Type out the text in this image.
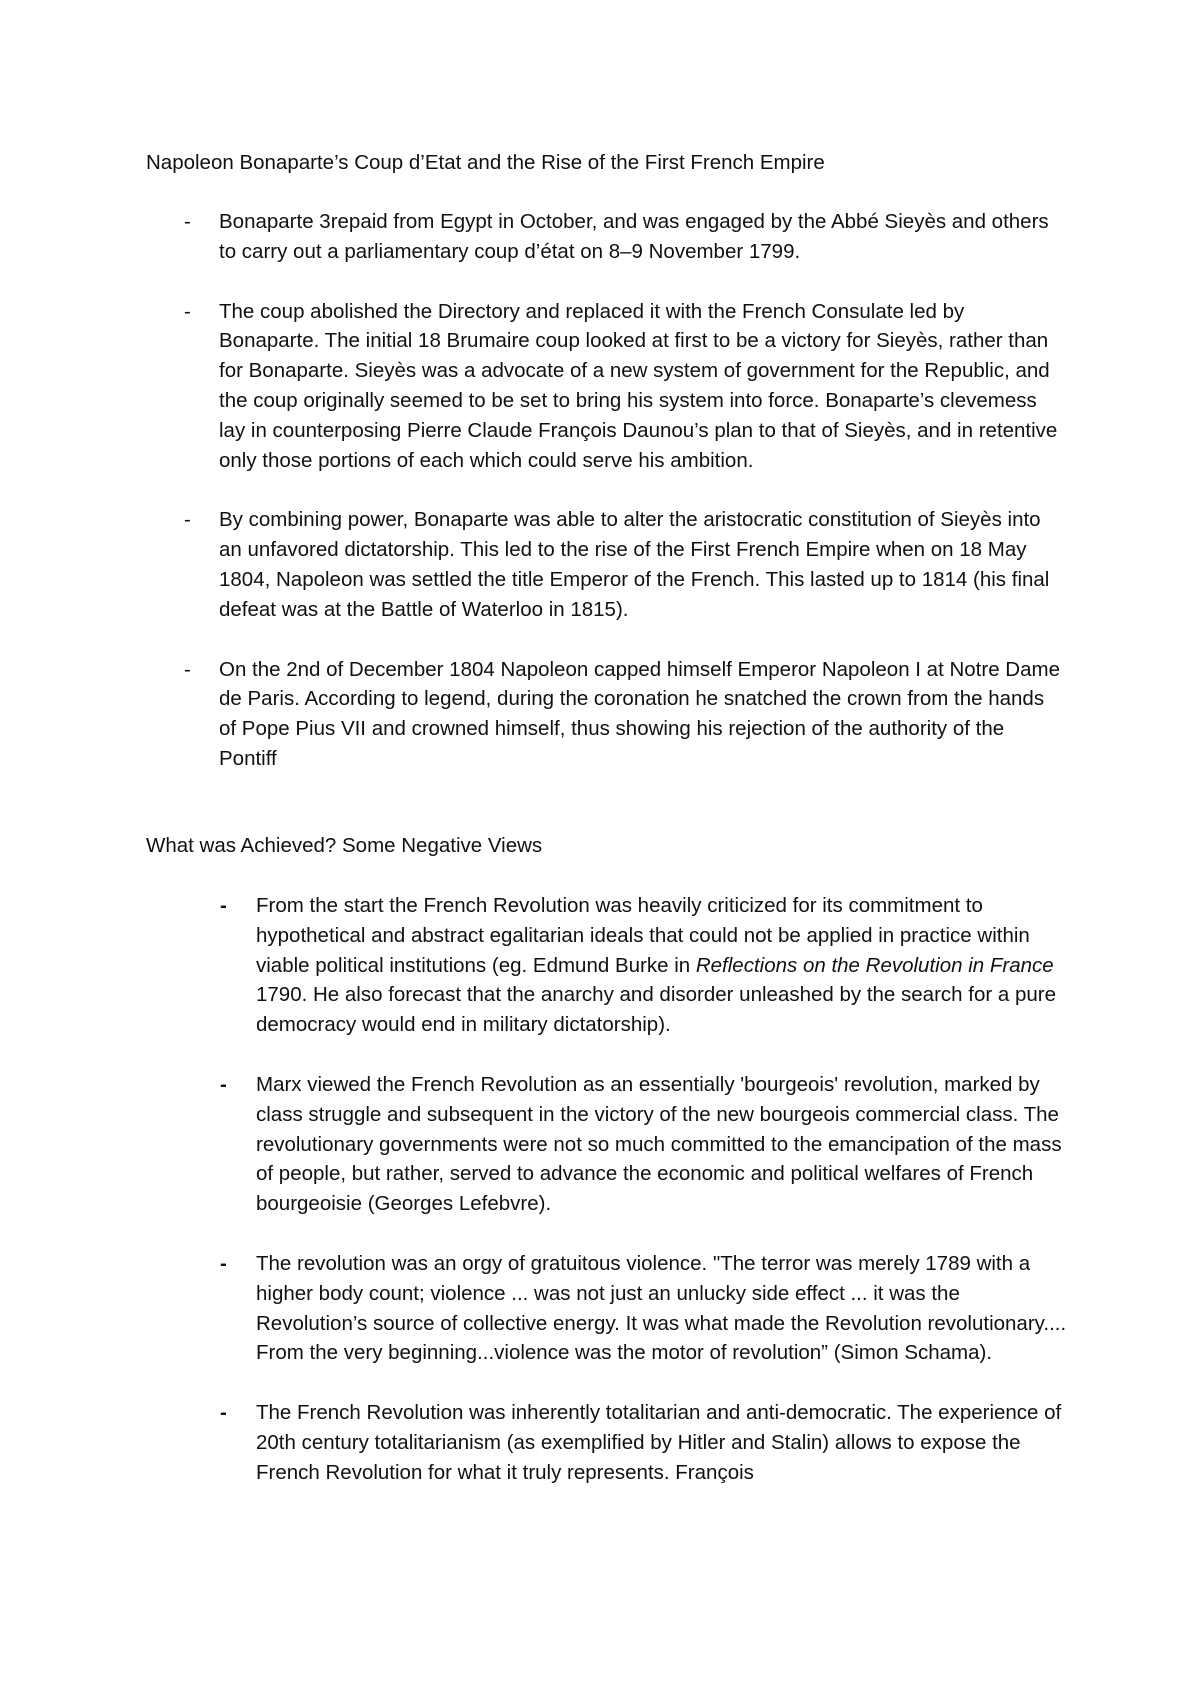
Napoleon Bonaparte’s Coup d’Etat and the Rise of the First French Empire
-	Bonaparte 3repaid from Egypt in October, and was engaged by the Abbé Sieyès and others to carry out a parliamentary coup d’état on 8–9 November 1799.
-	The coup abolished the Directory and replaced it with the French Consulate led by Bonaparte. The initial 18 Brumaire coup looked at first to be a victory for Sieyès, rather than for Bonaparte. Sieyès was a advocate of a new system of government for the Republic, and the coup originally seemed to be set to bring his system into force. Bonaparte’s clevemess lay in counterposing Pierre Claude François Daunou’s plan to that of Sieyès, and in retentive only those portions of each which could serve his ambition.
-	By combining power, Bonaparte was able to alter the aristocratic constitution of Sieyès into an unfavored dictatorship. This led to the rise of the First French Empire when on 18 May 1804, Napoleon was settled the title Emperor of the French. This lasted up to 1814 (his final defeat was at the Battle of Waterloo in 1815).
-	On the 2nd of December 1804 Napoleon capped himself Emperor Napoleon I at Notre Dame de Paris. According to legend, during the coronation he snatched the crown from the hands of Pope Pius VII and crowned himself, thus showing his rejection of the authority of the Pontiff
What was Achieved? Some Negative Views
-	From the start the French Revolution was heavily criticized for its commitment to hypothetical and abstract egalitarian ideals that could not be applied in practice within viable political institutions (eg. Edmund Burke in Reflections on the Revolution in France 1790. He also forecast that the anarchy and disorder unleashed by the search for a pure democracy would end in military dictatorship).
-	Marx viewed the French Revolution as an essentially 'bourgeois' revolution, marked by class struggle and subsequent in the victory of the new bourgeois commercial class. The revolutionary governments were not so much committed to the emancipation of the mass of people, but rather, served to advance the economic and political welfares of French bourgeoisie (Georges Lefebvre).
-	The revolution was an orgy of gratuitous violence. "The terror was merely 1789 with a higher body count; violence ... was not just an unlucky side effect ... it was the Revolution’s source of collective energy. It was what made the Revolution revolutionary.... From the very beginning...violence was the motor of revolution” (Simon Schama).
-	The French Revolution was inherently totalitarian and anti-democratic. The experience of 20th century totalitarianism (as exemplified by Hitler and Stalin) allows to expose the French Revolution for what it truly represents. François
